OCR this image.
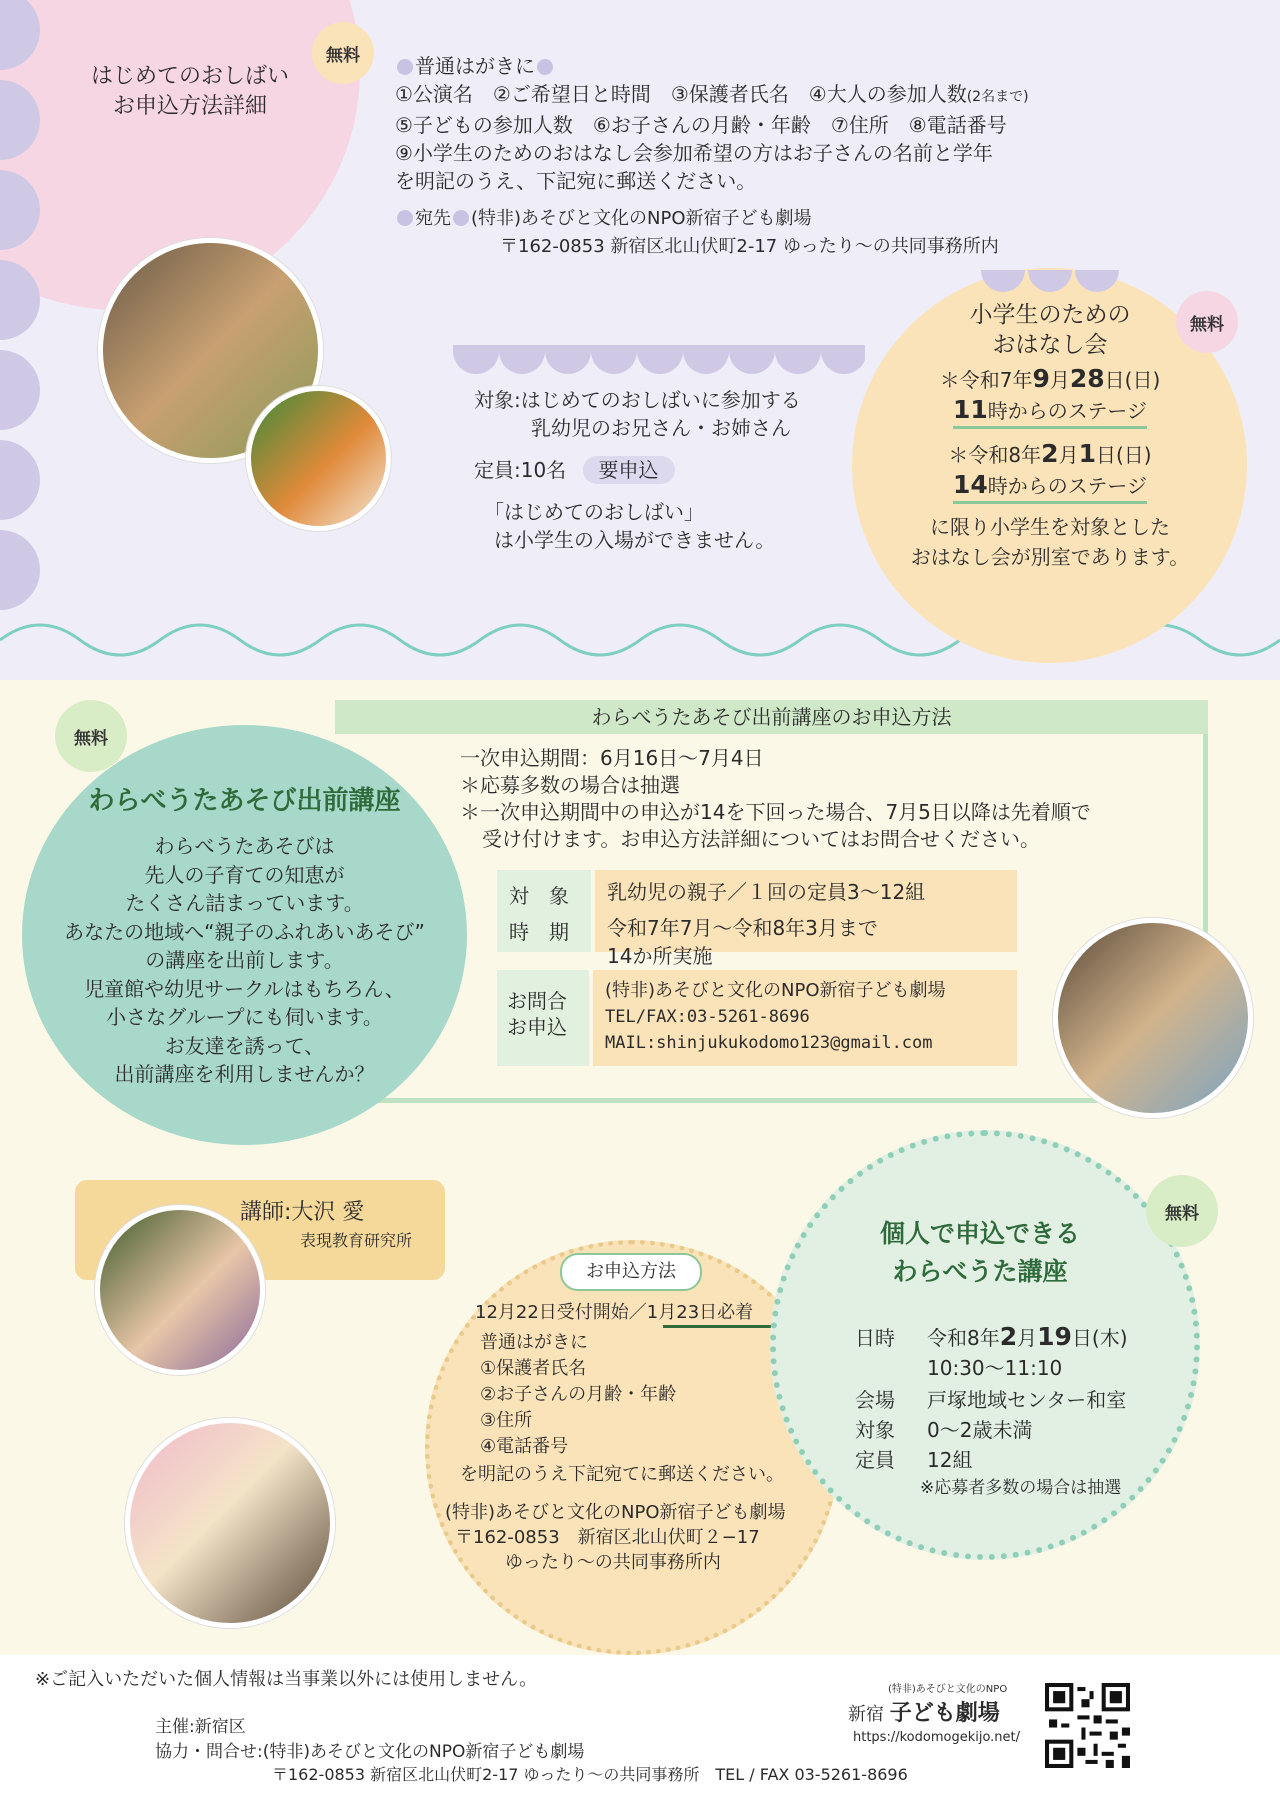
無料
はじめてのおしばい
お申込方法詳細
普通はがきに
①公演名　②ご希望日と時間　③保護者氏名　④大人の参加人数(2名まで)
⑤子どもの参加人数　⑥お子さんの月齢・年齢　⑦住所　⑧電話番号
⑨小学生のためのおはなし会参加希望の方はお子さんの名前と学年
を明記のうえ、下記宛に郵送ください。
宛先 (特非)あそびと文化のNPO新宿子ども劇場
〒162-0853 新宿区北山伏町2-17 ゆったり〜の共同事務所内
対象:はじめてのおしばいに参加する
乳幼児のお兄さん・お姉さん
定員:10名 要申込
「はじめてのおしばい」
は小学生の入場ができません。
無料
小学生のための
おはなし会
＊令和7年9月28日(日)
11時からのステージ
＊令和8年2月1日(日)
14時からのステージ
に限り小学生を対象とした
おはなし会が別室であります。
わらべうたあそび出前講座のお申込方法
無料
わらべうたあそび出前講座
わらべうたあそびは
先人の子育ての知恵が
たくさん詰まっています。
あなたの地域へ“親子のふれあいあそび”
の講座を出前します。
児童館や幼児サークルはもちろん、
小さなグループにも伺います。
お友達を誘って、
出前講座を利用しませんか？
一次申込期間：6月16日〜7月4日
＊応募多数の場合は抽選
＊一次申込期間中の申込が14を下回った場合、7月5日以降は先着順で
受け付けます。お申込方法詳細についてはお問合せください。
対　象
時　期
乳幼児の親子／１回の定員3〜12組
令和7年7月〜令和8年3月まで
14か所実施
お問合
お申込
(特非)あそびと文化のNPO新宿子ども劇場
TEL/FAX:03-5261-8696
MAIL:shinjukukodomo123@gmail.com
講師:大沢 愛
表現教育研究所
お申込方法
12月22日受付開始／1月23日必着
普通はがきに
①保護者氏名
②お子さんの月齢・年齢
③住所
④電話番号
を明記のうえ下記宛てに郵送ください。
(特非)あそびと文化のNPO新宿子ども劇場
〒162-0853　新宿区北山伏町２−17
ゆったり〜の共同事務所内
無料
個人で申込できる
わらべうた講座
日時 令和8年2月19日(木)
10:30〜11:10
会場 戸塚地域センター和室
対象 0〜2歳未満
定員 12組
※応募者多数の場合は抽選
※ご記入いただいた個人情報は当事業以外には使用しません。
主催:新宿区
協力・問合せ:(特非)あそびと文化のNPO新宿子ども劇場
〒162-0853 新宿区北山伏町2-17 ゆったり〜の共同事務所　TEL / FAX 03-5261-8696
(特非)あそびと文化のNPO
新宿 子ども劇場
https://kodomogekijo.net/
